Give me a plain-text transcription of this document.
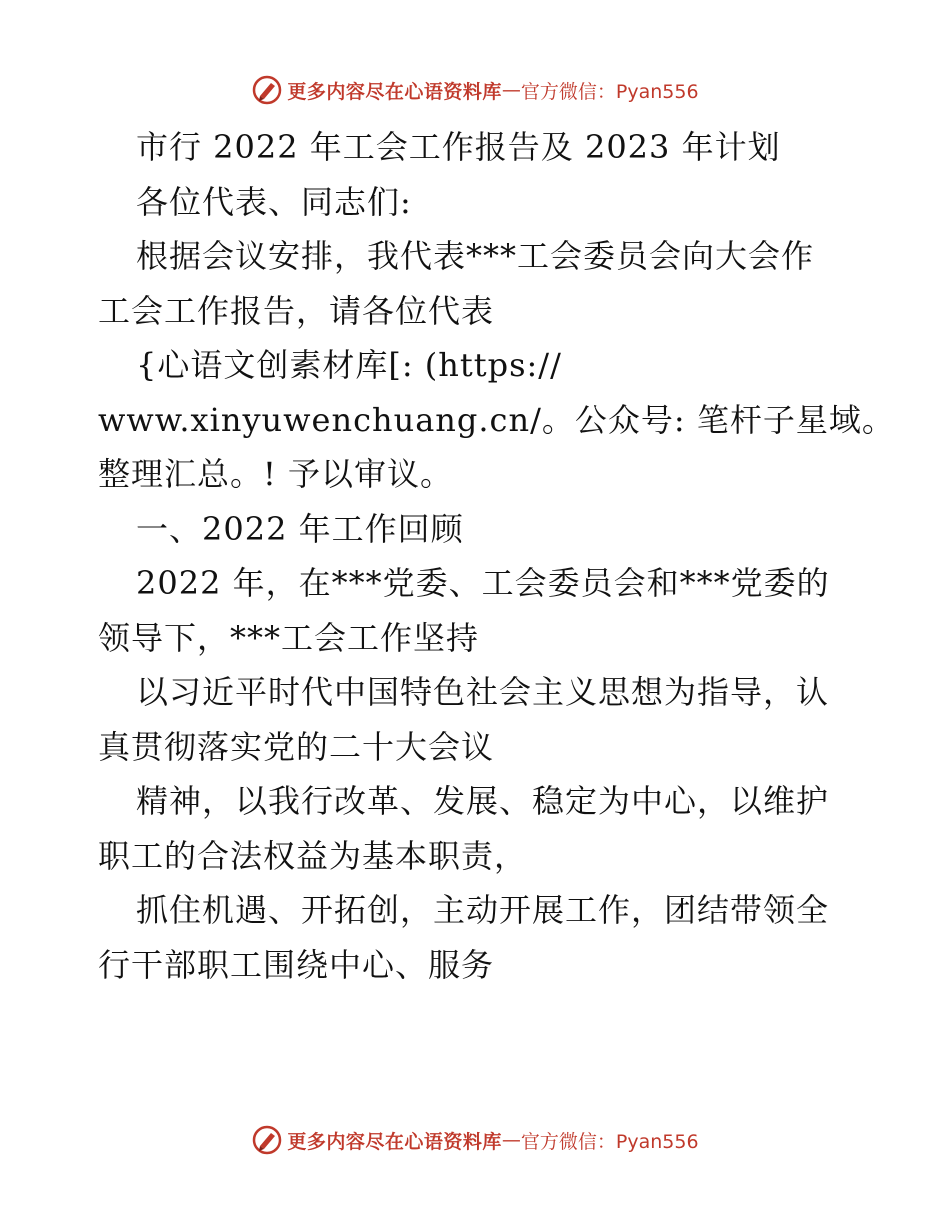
更多内容尽在心语资料库 — 官方微信：Pyan556
市行 2022 年工会工作报告及 2023 年计划
各位代表、同志们:
根据会议安排，我代表***工会委员会向大会作
工会工作报告，请各位代表
{心语文创素材库[: (https://
www.xinyuwenchuang.cn/。公众号: 笔杆子星域。
整理汇总。! 予以审议。
一、2022 年工作回顾
2022 年，在***党委、工会委员会和***党委的
领导下，***工会工作坚持
以习近平时代中国特色社会主义思想为指导，认
真贯彻落实党的二十大会议
精神，以我行改革、发展、稳定为中心，以维护
职工的合法权益为基本职责，
抓住机遇、开拓创，主动开展工作，团结带领全
行干部职工围绕中心、服务
更多内容尽在心语资料库 — 官方微信：Pyan556
